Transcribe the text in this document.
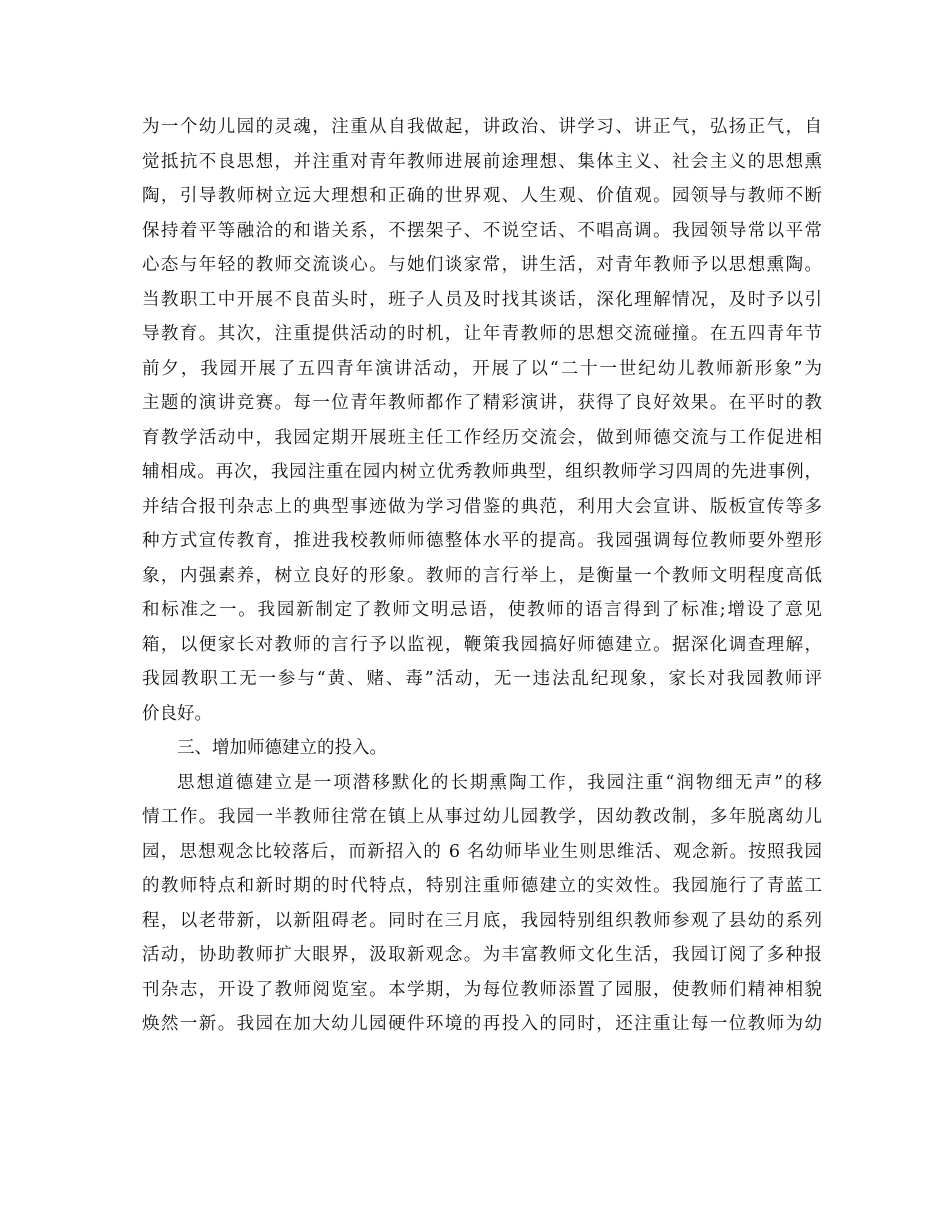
为一个幼儿园的灵魂，注重从自我做起，讲政治、讲学习、讲正气，弘扬正气，自
觉抵抗不良思想，并注重对青年教师进展前途理想、集体主义、社会主义的思想熏
陶，引导教师树立远大理想和正确的世界观、人生观、价值观。园领导与教师不断
保持着平等融洽的和谐关系，不摆架子、不说空话、不唱高调。我园领导常以平常
心态与年轻的教师交流谈心。与她们谈家常，讲生活，对青年教师予以思想熏陶。
当教职工中开展不良苗头时，班子人员及时找其谈话，深化理解情况，及时予以引
导教育。其次，注重提供活动的时机，让年青教师的思想交流碰撞。在五四青年节
前夕，我园开展了五四青年演讲活动，开展了以“二十一世纪幼儿教师新形象”为
主题的演讲竞赛。每一位青年教师都作了精彩演讲，获得了良好效果。在平时的教
育教学活动中，我园定期开展班主任工作经历交流会，做到师德交流与工作促进相
辅相成。再次，我园注重在园内树立优秀教师典型，组织教师学习四周的先进事例，
并结合报刊杂志上的典型事迹做为学习借鉴的典范，利用大会宣讲、版板宣传等多
种方式宣传教育，推进我校教师师德整体水平的提高。我园强调每位教师要外塑形
象，内强素养，树立良好的形象。教师的言行举上，是衡量一个教师文明程度高低
和标准之一。我园新制定了教师文明忌语，使教师的语言得到了标准;增设了意见
箱，以便家长对教师的言行予以监视，鞭策我园搞好师德建立。据深化调查理解，
我园教职工无一参与“黄、赌、毒”活动，无一违法乱纪现象，家长对我园教师评
价良好。
三、增加师德建立的投入。
思想道德建立是一项潜移默化的长期熏陶工作，我园注重“润物细无声”的移
情工作。我园一半教师往常在镇上从事过幼儿园教学，因幼教改制，多年脱离幼儿
园，思想观念比较落后，而新招入的 6 名幼师毕业生则思维活、观念新。按照我园
的教师特点和新时期的时代特点，特别注重师德建立的实效性。我园施行了青蓝工
程，以老带新，以新阻碍老。同时在三月底，我园特别组织教师参观了县幼的系列
活动，协助教师扩大眼界，汲取新观念。为丰富教师文化生活，我园订阅了多种报
刊杂志，开设了教师阅览室。本学期，为每位教师添置了园服，使教师们精神相貌
焕然一新。我园在加大幼儿园硬件环境的再投入的同时，还注重让每一位教师为幼
